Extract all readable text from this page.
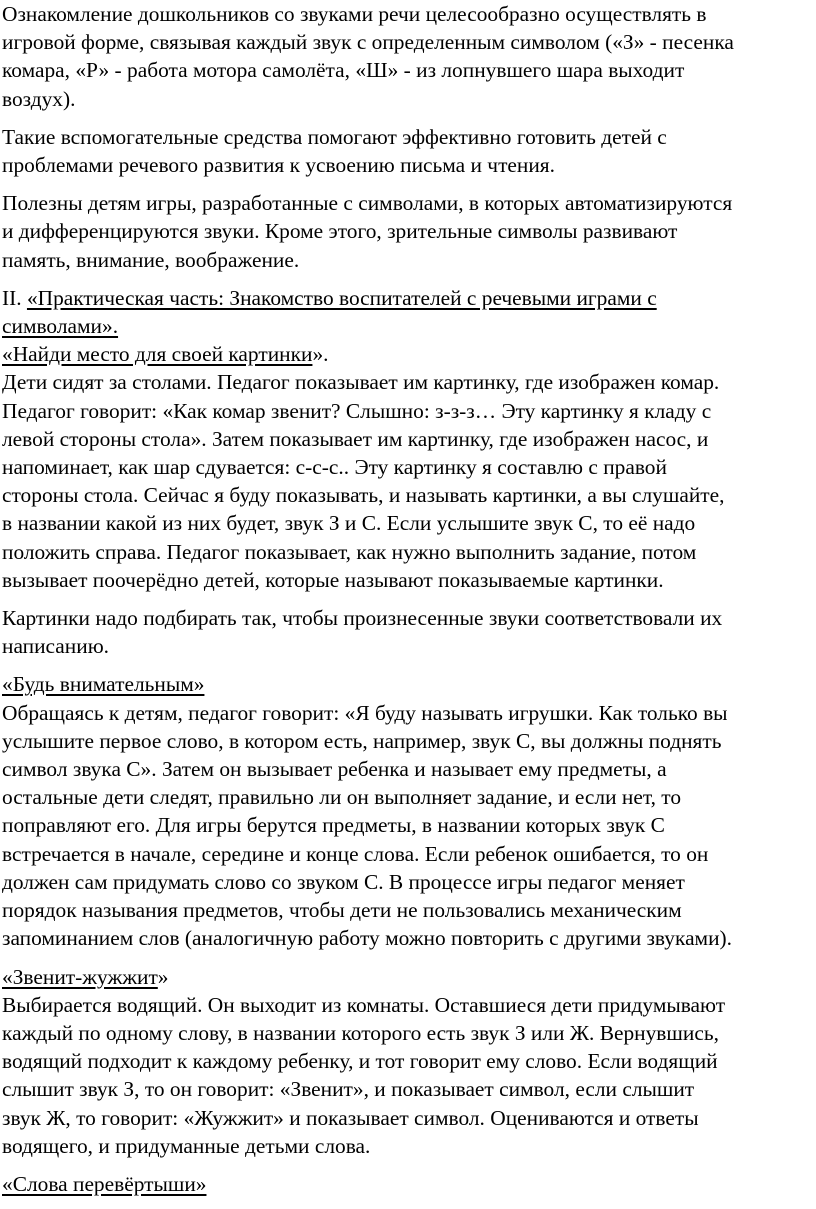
Ознакомление дошкольников со звуками речи целесообразно осуществлять в
игровой форме, связывая каждый звук с определенным символом («З» - песенка
комара, «Р» - работа мотора самолёта, «Ш» - из лопнувшего шара выходит
воздух).
Такие вспомогательные средства помогают эффективно готовить детей с
проблемами речевого развития к усвоению письма и чтения.
Полезны детям игры, разработанные с символами, в которых автоматизируются
и дифференцируются звуки. Кроме этого, зрительные символы развивают
память, внимание, воображение.
II. «Практическая часть: Знакомство воспитателей с речевыми играми с
символами».
«Найди место для своей картинки».
Дети сидят за столами. Педагог показывает им картинку, где изображен комар.
Педагог говорит: «Как комар звенит? Слышно: з-з-з… Эту картинку я кладу с
левой стороны стола». Затем показывает им картинку, где изображен насос, и
напоминает, как шар сдувается: с-с-с.. Эту картинку я составлю с правой
стороны стола. Сейчас я буду показывать, и называть картинки, а вы слушайте,
в названии какой из них будет, звук З и С. Если услышите звук С, то её надо
положить справа. Педагог показывает, как нужно выполнить задание, потом
вызывает поочерёдно детей, которые называют показываемые картинки.
Картинки надо подбирать так, чтобы произнесенные звуки соответствовали их
написанию.
«Будь внимательным»
Обращаясь к детям, педагог говорит: «Я буду называть игрушки. Как только вы
услышите первое слово, в котором есть, например, звук С, вы должны поднять
символ звука С». Затем он вызывает ребенка и называет ему предметы, а
остальные дети следят, правильно ли он выполняет задание, и если нет, то
поправляют его. Для игры берутся предметы, в названии которых звук С
встречается в начале, середине и конце слова. Если ребенок ошибается, то он
должен сам придумать слово со звуком С. В процессе игры педагог меняет
порядок называния предметов, чтобы дети не пользовались механическим
запоминанием слов (аналогичную работу можно повторить с другими звуками).
«Звенит-жужжит»
Выбирается водящий. Он выходит из комнаты. Оставшиеся дети придумывают
каждый по одному слову, в названии которого есть звук З или Ж. Вернувшись,
водящий подходит к каждому ребенку, и тот говорит ему слово. Если водящий
слышит звук З, то он говорит: «Звенит», и показывает символ, если слышит
звук Ж, то говорит: «Жужжит» и показывает символ. Оцениваются и ответы
водящего, и придуманные детьми слова.
«Слова перевёртыши»
